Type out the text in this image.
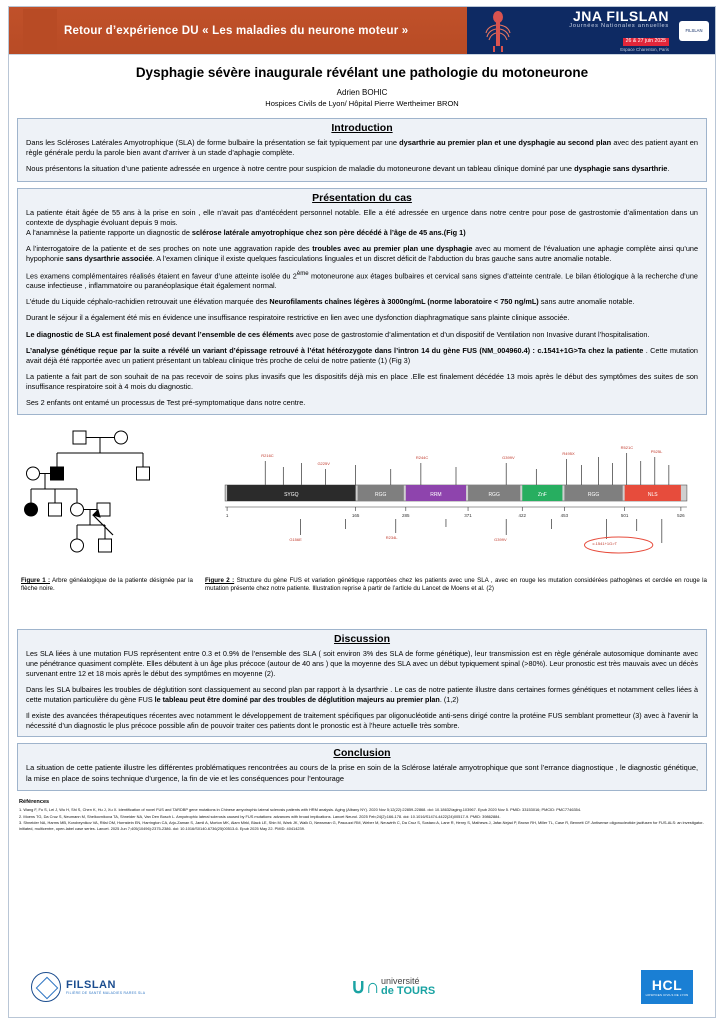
Retour d’expérience DU « Les maladies du neurone moteur »
JNA FILSLAN
Journées Nationales annuelles
26 & 27 juin 2025
Espace Charenton, Paris
FILSLAN
Dysphagie sévère inaugurale révélant une pathologie du motoneurone
Adrien BOHIC
Hospices Civils de Lyon/ Hôpital Pierre Wertheimer BRON
Introduction

Dans les Scléroses Latérales Amyotrophique (SLA) de forme bulbaire la présentation se fait typiquement par une dysarthrie au premier plan et une dysphagie au second plan avec des patient ayant en règle générale perdu la parole bien avant d’arriver à un stade d’aphagie complète.

Nous présentons la situation d’une patiente adressée en urgence à notre centre pour suspicion de maladie du motoneurone devant un tableau clinique dominé par une dysphagie sans dysarthrie.

Présentation du cas

La patiente était âgée de 55 ans à la prise en soin , elle n’avait pas d’antécédent personnel notable. Elle a été adressée en urgence dans notre centre pour pose de gastrostomie d’alimentation dans un contexte de dysphagie évoluant depuis 9 mois.
A l’anamnèse la patiente rapporte un diagnostic de sclérose latérale amyotrophique chez son père décédé à l’âge de 45 ans.(Fig 1)

A l’interrogatoire de la patiente et de ses proches on note une aggravation rapide des troubles avec au premier plan une dysphagie avec au moment de l’évaluation une aphagie complète ainsi qu’une hypophonie sans dysarthrie associée. A l’examen clinique il existe quelques fasciculations linguales et un discret déficit de l’abduction du bras gauche sans autre anomalie notable.

Les examens complémentaires réalisés étaient en faveur d’une atteinte isolée du 2ème motoneurone aux étages bulbaires et cervical sans signes d’atteinte centrale. Le bilan étiologique à la recherche d’une cause infectieuse , inflammatoire ou paranéoplasique était également normal.

L’étude du Liquide céphalo-rachidien retrouvait une élévation marquée des Neurofilaments chaînes légères à 3000ng/mL (norme laboratoire < 750 ng/mL) sans autre anomalie notable.

Durant le séjour il a également été mis en évidence une insuffisance respiratoire restrictive en lien avec une dysfonction diaphragmatique sans plainte clinique associée.

Le diagnostic de SLA est finalement posé devant l’ensemble de ces éléments avec pose de gastrostomie d’alimentation et d’un dispositif de Ventilation non Invasive durant l’hospitalisation.

L’analyse génétique reçue par la suite a révélé un variant d’épissage retrouvé à l’état hétérozygote dans l’intron 14 du gène FUS (NM_004960.4) : c.1541+1G>Ta chez la patiente . Cette mutation avait déjà été rapportée avec un patient présentant un tableau clinique très proche de celui de notre patiente (1) (Fig 3)

La patiente a fait part de son souhait de na pas recevoir de soins plus invasifs que les dispositifs déjà mis en place .Elle est finalement décédée 13 mois après le début des symptômes des suites de son insuffisance respiratoire soit à 4 mois du diagnostic.

Ses 2 enfants ont entamé un processus de Test pré-symptomatique dans notre centre.

Figure 1 : Arbre généalogique de la patiente désignée par la flèche noire.
R216C
G225V
R244C	G399V
R495X
R521C
P525L
SYGQ	RGG	RRM	RGG	ZnF	RGG	NLS
1	165	285	371	422	453	501	526
G156E	R234L	G399V
c.1541+1G>T
Figure 2 : Structure du gène FUS et variation génétique rapportées chez les patients avec une SLA , avec en rouge les mutation considérées pathogènes et cerclée en rouge la mutation présente chez notre patiente. Illustration reprise à partir de l’article du Lancet de Moens et al. (2)
Discussion

Les SLA liées à une mutation FUS représentent entre 0.3 et 0.9% de l’ensemble des SLA ( soit environ 3% des SLA de forme génétique), leur transmission est en règle générale autosomique dominante avec une pénétrance quasiment complète. Elles débutent à un âge plus précoce (autour de 40 ans ) que la moyenne des SLA avec un début typiquement spinal (>80%). Leur pronostic est très mauvais avec un décès survenant entre 12 et 18 mois après le début des symptômes en moyenne (2).

Dans les SLA bulbaires les troubles de déglutition sont classiquement au second plan par rapport à la dysarthrie . Le cas de notre patiente illustre dans certaines formes génétiques et notamment celles liées à cette mutation particulière du gène FUS le tableau peut être dominé par des troubles de déglutition majeurs au premier plan. (1,2)

Il existe des avancées thérapeutiques récentes avec notamment le développement de traitement spécifiques par oligonucléotide anti-sens dirigé contre la protéine FUS semblant prometteur (3) avec à l’avenir la nécessité d’un diagnostic le plus précoce possible afin de pouvoir traiter ces patients dont le pronostic est à l’heure actuelle très sombre.

Conclusion

La situation de cette patiente illustre les différentes problématiques rencontrées au cours de la prise en soin de la Sclérose latérale amyotrophique que sont l’errance diagnostique , le diagnostic génétique, la mise en place de soins technique d’urgence, la fin de vie et les conséquences pour l’entourage

Références
1. Wang F, Fu S, Lei J, Wu H, Shi S, Chen K, Hu J, Xu X. Identification of novel FUS and TARDBP gene mutations in Chinese amyotrophic lateral sclerosis patients with HRM analysis. Aging (Albany NY). 2020 Nov 5;12(22):22859-22868. doi: 10.18632/aging.103967. Epub 2020 Nov 5. PMID: 33153016; PMCID: PMC7746354.
2. Moens TG, Da Cruz S, Neumann M, Shelkovnikova TA, Shneider NA, Van Den Bosch L. Amyotrophic lateral sclerosis caused by FUS mutations: advances with broad implications. Lancet Neurol. 2025 Feb;24(2):166-178. doi: 10.1016/S1474-4422(24)00517-9. PMID: 39862884.
3. Shneider NA, Harms MB, Korobeynikov VA, Rifai OM, Hornstein EN, Harrington CA, Arjo-Zaman S, Jamil A, Morton MK, Alam Mirkl, Black LE, Shin M, Wark JK, Walk D, Newsman G, Pascuzzi RM, Weber M, Neuwirth C, Da Cruz S, Sostaro A, Lane R, Henry S, Mathews J, Jafar-Nejad P, Brown RH, Miller TL, Case R, Bennett CF. Antisense oligonucleotide jacifusen for FUS-ALS: an investigator-initiated, multicentre, open-label case series. Lancet. 2025 Jun 7;405(10496):2375-2386. doi: 10.1016/S0140-6736(25)00513-6. Epub 2025 May 22. PMID: 40414239.
FILSLAN
FILIÈRE DE SANTÉ MALADIES RARES SLA	∪∩ université
de TOURS	HCL
HOSPICES CIVILS DE LYON
